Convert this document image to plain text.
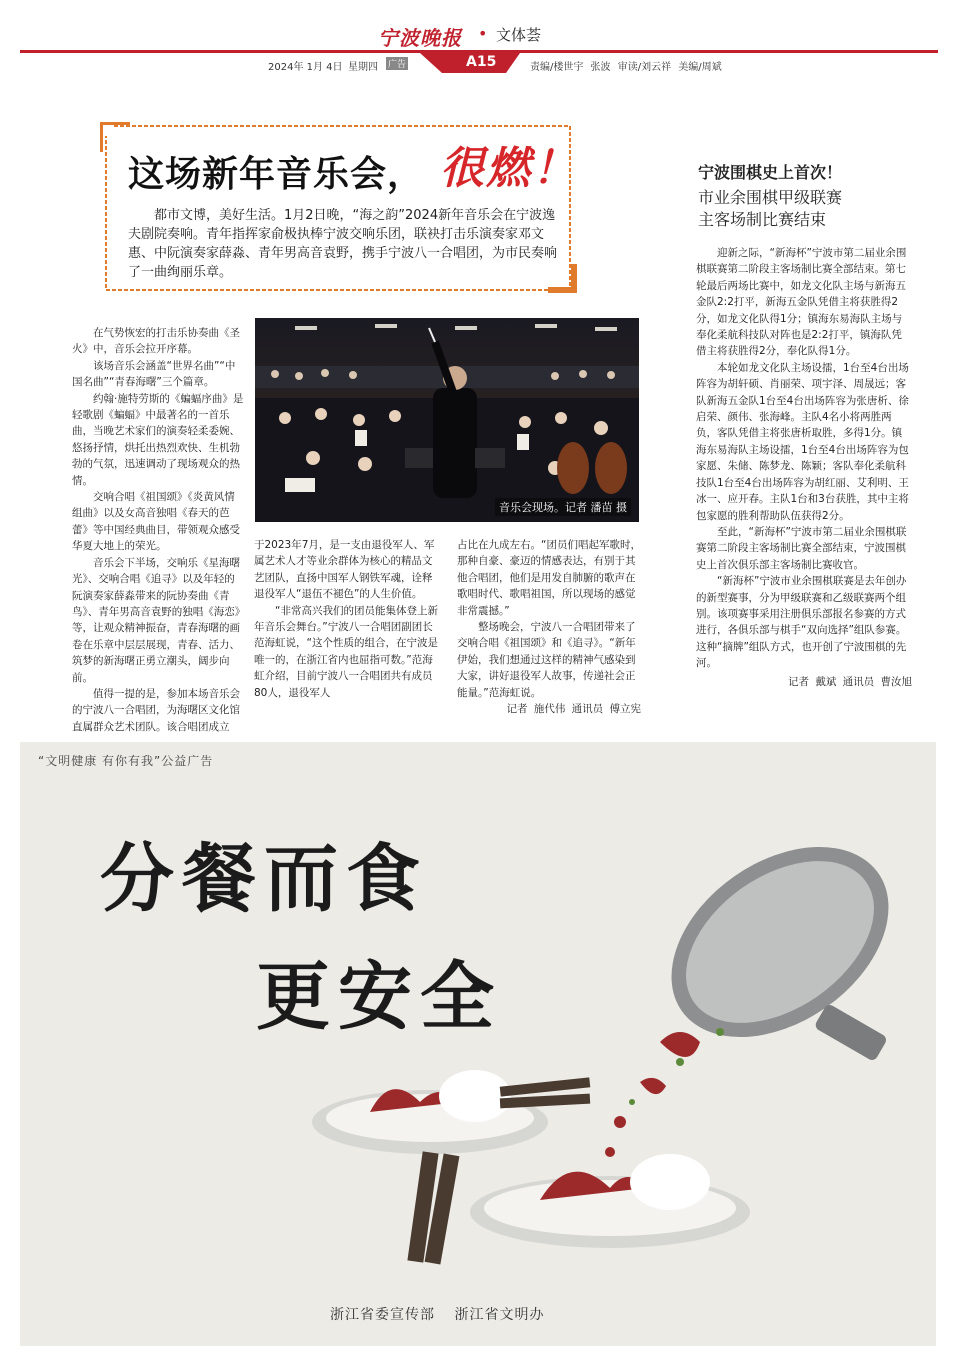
宁波晚报 • 文体荟
2024年 1月 4日 星期四 广告	A15	责编/楼世宇 张波 审读/刘云祥 美编/周斌
这场新年音乐会， 很燃！

都市文博，美好生活。1月2日晚，“海之韵”2024新年音乐会在宁波逸夫剧院奏响。青年指挥家俞极执棒宁波交响乐团，联袂打击乐演奏家邓文惠、中阮演奏家薛淼、青年男高音袁野，携手宁波八一合唱团，为市民奏响了一曲绚丽乐章。

宁波围棋史上首次！
市业余围棋甲级联赛
主客场制比赛结束

迎新之际，“新海杯”宁波市第二届业余围棋联赛第二阶段主客场制比赛全部结束。第七轮最后两场比赛中，如龙文化队主场与新海五金队2:2打平，新海五金队凭借主将获胜得2分，如龙文化队得1分；镇海东易海队主场与奉化柔航科技队对阵也是2:2打平，镇海队凭借主将获胜得2分，奉化队得1分。

本轮如龙文化队主场设擂，1台至4台出场阵容为胡轩硕、肖丽荣、项宇泽、周晟远；客队新海五金队1台至4台出场阵容为张唐析、徐启荣、颜伟、张海峰。主队4名小将两胜两负，客队凭借主将张唐析取胜，多得1分。镇海东易海队主场设擂，1台至4台出场阵容为包家愿、朱储、陈梦龙、陈颖；客队奉化柔航科技队1台至4台出场阵容为胡红丽、艾利明、王冰一、应开春。主队1台和3台获胜，其中主将包家愿的胜利帮助队伍获得2分。

至此，“新海杯”宁波市第二届业余围棋联赛第二阶段主客场制比赛全部结束，宁波围棋史上首次俱乐部主客场制比赛收官。

“新海杯”宁波市业余围棋联赛是去年创办的新型赛事，分为甲级联赛和乙级联赛两个组别。该项赛事采用注册俱乐部报名参赛的方式进行，各俱乐部与棋手“双向选择”组队参赛。这种“摘牌”组队方式，也开创了宁波围棋的先河。

记者 戴斌 通讯员 曹汝旭
音乐会现场。记者 潘苗 摄

在气势恢宏的打击乐协奏曲《圣火》中，音乐会拉开序幕。

该场音乐会涵盖“世界名曲”“中国名曲”“青春海曙”三个篇章。

约翰·施特劳斯的《蝙蝠序曲》是轻歌剧《蝙蝠》中最著名的一首乐曲，当晚艺术家们的演奏轻柔委婉、悠扬抒情，烘托出热烈欢快、生机勃勃的气氛，迅速调动了现场观众的热情。

交响合唱《祖国颂》《炎黄风情组曲》以及女高音独唱《春天的芭蕾》等中国经典曲目，带领观众感受华夏大地上的荣光。

音乐会下半场，交响乐《星海曙光》、交响合唱《追寻》以及年轻的阮演奏家薛淼带来的阮协奏曲《青鸟》、青年男高音袁野的独唱《海恋》等，让观众精神振奋，青春海曙的画卷在乐章中层层展现，青春、活力、筑梦的新海曙正勇立潮头，阔步向前。

值得一提的是，参加本场音乐会的宁波八一合唱团，为海曙区文化馆直属群众艺术团队。该合唱团成立

于2023年7月，是一支由退役军人、军属艺术人才等业余群体为核心的精品文艺团队，直扬中国军人钢铁军魂，诠释退役军人“退伍不褪色”的人生价值。

“非常高兴我们的团员能集体登上新年音乐会舞台。”宁波八一合唱团副团长范海虹说，“这个性质的组合，在宁波是唯一的，在浙江省内也屈指可数。”范海虹介绍，目前宁波八一合唱团共有成员80人，退役军人

占比在九成左右。“团员们唱起军歌时，那种自豪、豪迈的情感表达，有别于其他合唱团，他们是用发自肺腑的歌声在歌唱时代、歌唱祖国，所以现场的感觉非常震撼。”

整场晚会，宁波八一合唱团带来了交响合唱《祖国颂》和《追寻》。“新年伊始，我们想通过这样的精神气感染到大家，讲好退役军人故事，传递社会正能量。”范海虹说。

记者 施代伟 通讯员 傅立宪
“文明健康 有你有我”公益广告
分餐而食
更安全
浙江省委宣传部 浙江省文明办
